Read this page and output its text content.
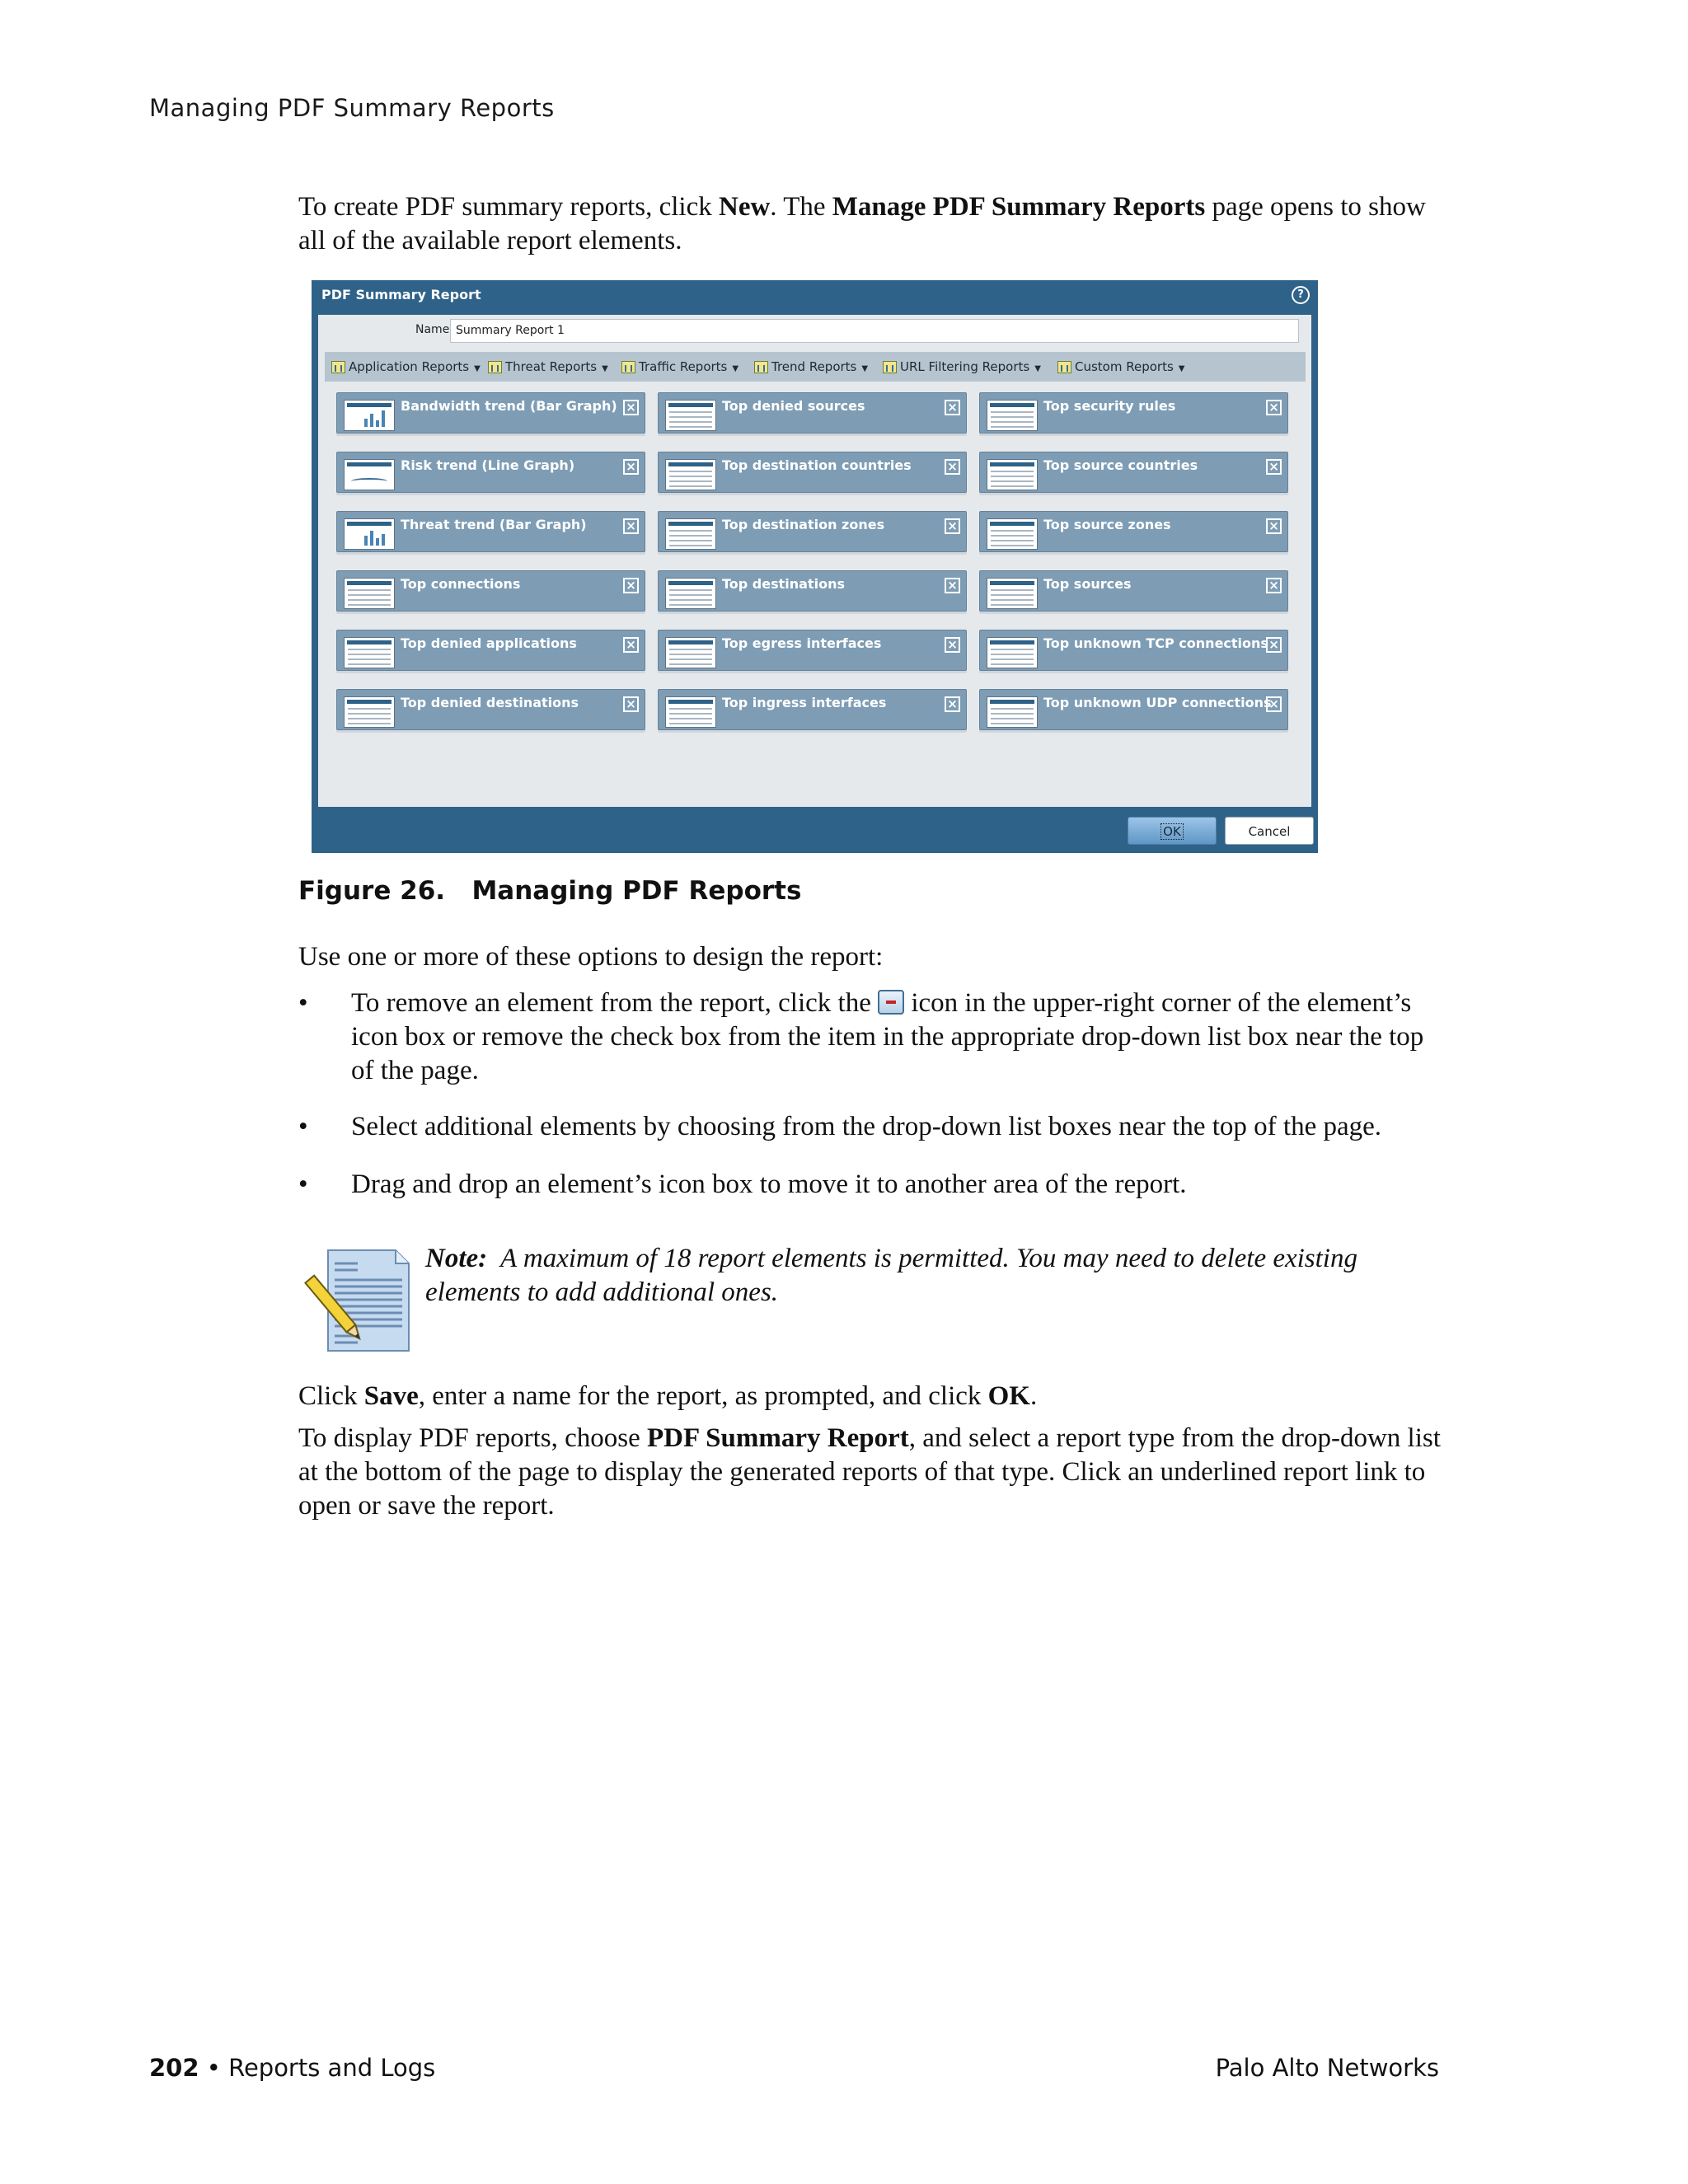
Managing PDF Summary Reports
To create PDF summary reports, click New. The Manage PDF Summary Reports page opens to show all of the available report elements.
PDF Summary Report	?
Name Summary Report 1
Application Reports ▼	Threat Reports ▼	Traffic Reports ▼	Trend Reports ▼	URL Filtering Reports ▼	Custom Reports ▼
Bandwidth trend (Bar Graph) ×	Top denied sources	×	Top security rules	×
Risk trend (Line Graph)	×	Top destination countries	×	Top source countries	×
Threat trend (Bar Graph)	×	Top destination zones	×	Top source zones	×
Top connections	×	Top destinations	×	Top sources	×
Top denied applications	×	Top egress interfaces	×	Top unknown TCP connections ×
Top denied destinations	×	Top ingress interfaces	×	Top unknown UDP connections
×
OK	Cancel
Figure 26.   Managing PDF Reports
Use one or more of these options to design the report:
• To remove an element from the report, click the  icon in the upper-right corner of the element’s icon box or remove the check box from the item in the appropriate drop-down list box near the top of the page.
• Select additional elements by choosing from the drop-down list boxes near the top of the page.
• Drag and drop an element’s icon box to move it to another area of the report.
Note:  A maximum of 18 report elements is permitted. You may need to delete existing elements to add additional ones.
Click Save, enter a name for the report, as prompted, and click OK.
To display PDF reports, choose PDF Summary Report, and select a report type from the drop-down list at the bottom of the page to display the generated reports of that type. Click an underlined report link to open or save the report.
202 • Reports and Logs	Palo Alto Networks
